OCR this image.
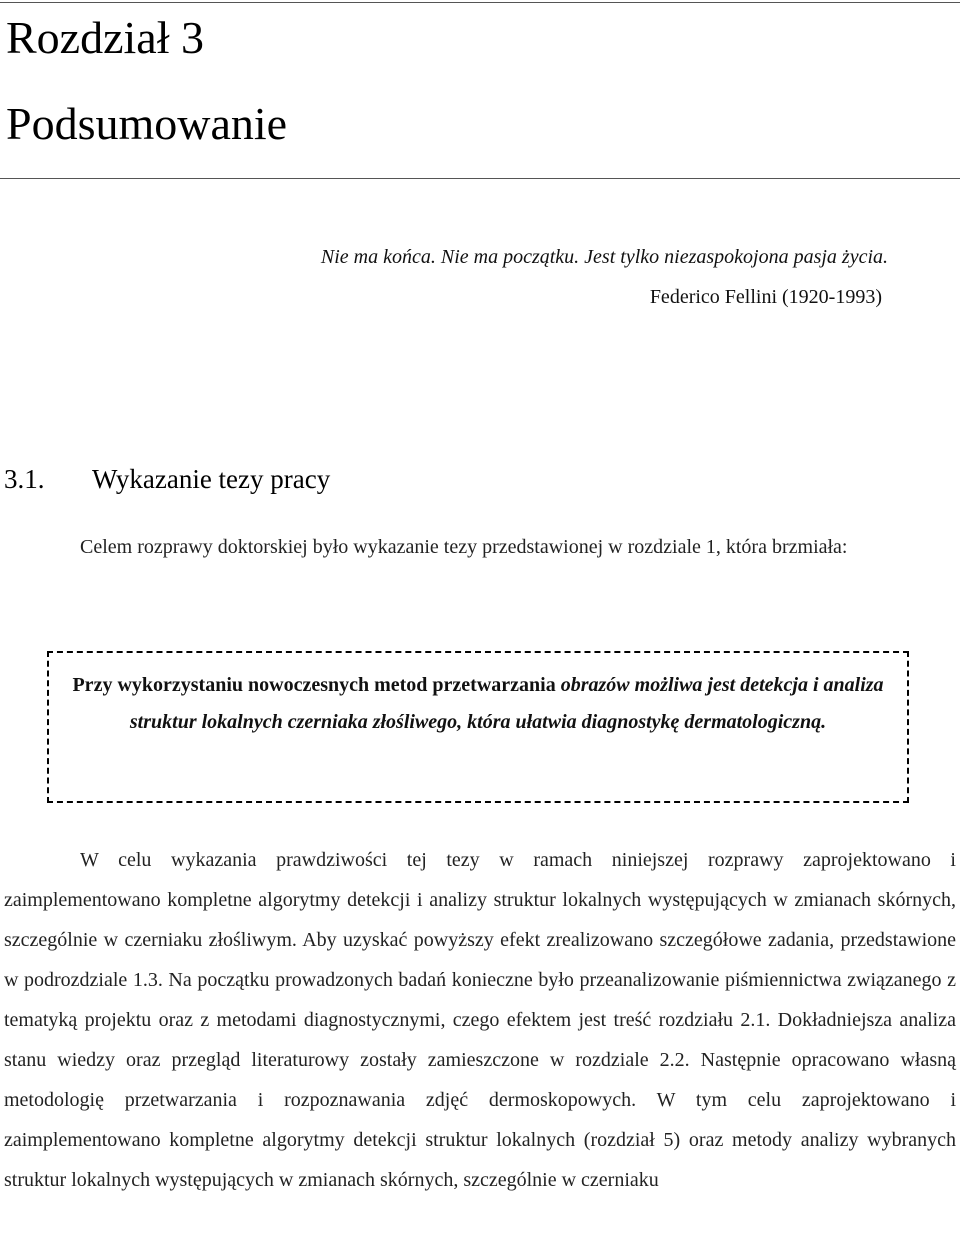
Rozdział 3
Podsumowanie
Nie ma końca. Nie ma początku. Jest tylko niezaspokojona pasja życia.
Federico Fellini (1920-1993)
3.1. Wykazanie tezy pracy

Celem rozprawy doktorskiej było wykazanie tezy przedstawionej w rozdziale 1, która brzmiała:

Przy wykorzystaniu nowoczesnych metod przetwarzania obrazów możliwa jest detekcja i analiza struktur lokalnych czerniaka złośliwego, która ułatwia diagnostykę dermatologiczną.

W celu wykazania prawdziwości tej tezy w ramach niniejszej rozprawy zaprojektowano i zaimplementowano kompletne algorytmy detekcji i analizy struktur lokalnych występujących w zmianach skórnych, szczególnie w czerniaku złośliwym. Aby uzyskać powyższy efekt zrealizowano szczegółowe zadania, przedstawione w podrozdziale 1.3. Na początku prowadzonych badań konieczne było przeanalizowanie piśmiennictwa związanego z tematyką projektu oraz z metodami diagnostycznymi, czego efektem jest treść rozdziału 2.1. Dokładniejsza analiza stanu wiedzy oraz przegląd literaturowy zostały zamieszczone w rozdziale 2.2. Następnie opracowano własną metodologię przetwarzania i rozpoznawania zdjęć dermoskopowych. W tym celu zaprojektowano i zaimplementowano kompletne algorytmy detekcji struktur lokalnych (rozdział 5) oraz metody analizy wybranych struktur lokalnych występujących w zmianach skórnych, szczególnie w czerniaku
